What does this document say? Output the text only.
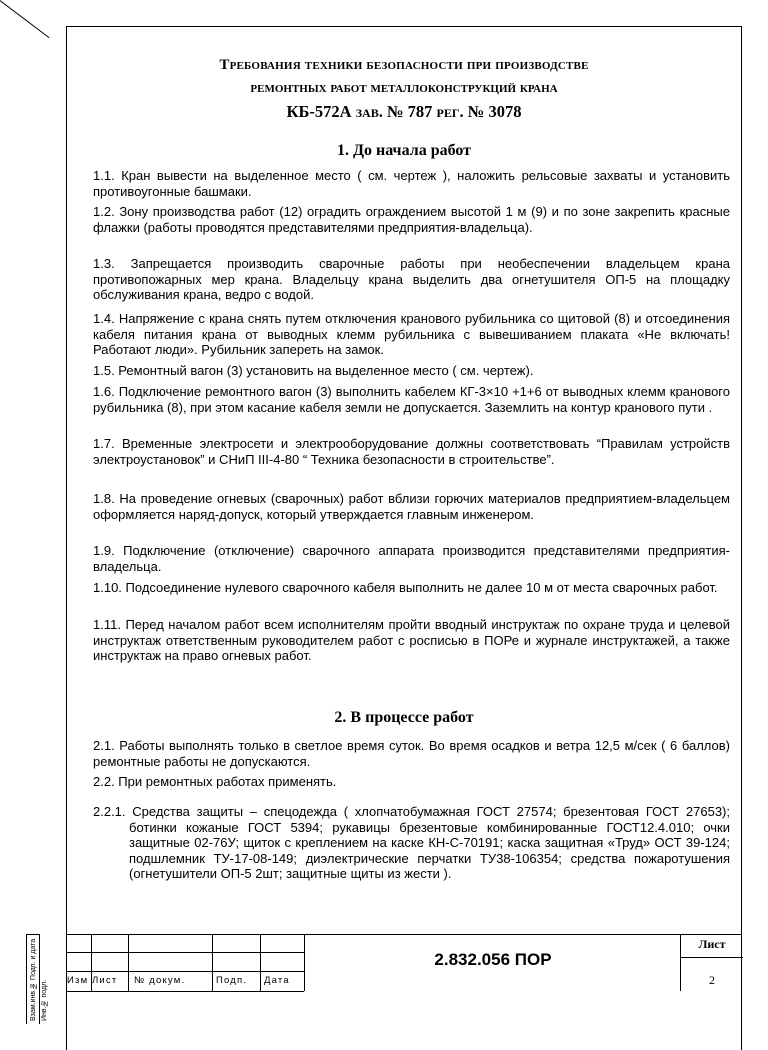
Взам.инв.№ Подп. и дата Инв.№ подл.
Требования техники безопасности при производстве
ремонтных работ металлоконструкций крана
КБ-572А зав. № 787 рег. № 3078
1. До начала работ

1.1. Кран вывести на выделенное место ( см. чертеж ), наложить рельсовые захваты и установить противоугонные башмаки.

1.2. Зону производства работ (12) оградить ограждением высотой 1 м (9) и по зоне закрепить красные флажки (работы проводятся представителями предприятия-владельца).

1.3. Запрещается производить сварочные работы при необеспечении владельцем крана противопожарных мер крана. Владельцу крана выделить два огнетушителя ОП-5 на площадку обслуживания крана, ведро с водой.

1.4. Напряжение с крана снять путем отключения кранового рубильника со щитовой (8) и отсоединения кабеля питания крана от выводных клемм рубильника с вывешиванием плаката «Не включать! Работают люди». Рубильник запереть на замок.

1.5. Ремонтный вагон (3) установить на выделенное место ( см. чертеж).

1.6. Подключение ремонтного вагон (3) выполнить кабелем КГ-3×10 +1+6 от выводных клемм кранового рубильника (8), при этом касание кабеля земли не допускается. Заземлить на контур кранового пути .

1.7. Временные электросети и электрооборудование должны соответствовать “Правилам устройств электроустановок” и СНиП III-4-80 “ Техника безопасности в строительстве”.

1.8. На проведение огневых (сварочных) работ вблизи горючих материалов предприятием-владельцем оформляется наряд-допуск, который утверждается главным инженером.

1.9. Подключение (отключение) сварочного аппарата производится представителями предприятия-владельца.

1.10. Подсоединение нулевого сварочного кабеля выполнить не далее 10 м от места сварочных работ.

1.11. Перед началом работ всем исполнителям пройти вводный инструктаж по охране труда и целевой инструктаж ответственным руководителем работ с росписью в ПОРе и журнале инструктажей, а также инструктаж на право огневых работ.

2. В процессе работ

2.1. Работы выполнять только в светлое время суток. Во время осадков и ветра 12,5 м/сек ( 6 баллов) ремонтные работы не допускаются.

2.2. При ремонтных работах применять.

2.2.1. Средства защиты – спецодежда ( хлопчатобумажная ГОСТ 27574; брезентовая ГОСТ 27653); ботинки кожаные ГОСТ 5394; рукавицы брезентовые комбинированные ГОСТ12.4.010; очки защитные 02-76У; щиток с креплением на каске КН-С-70191; каска защитная «Труд» ОСТ 39-124; подшлемник ТУ-17-08-149; диэлектрические перчатки ТУ38-106354; средства пожаротушения (огнетушители ОП-5 2шт; защитные щиты из жести ).

Изм Лист № докум.	Подп. Дата
2.832.056 ПОР
Лист
2
